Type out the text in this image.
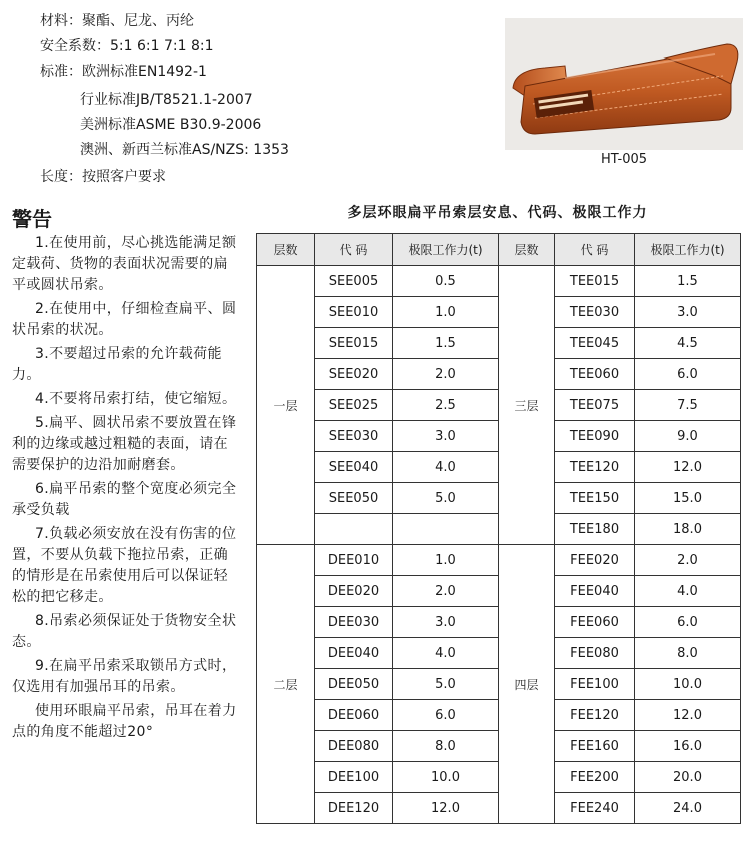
材料：聚酯、尼龙、丙纶
安全系数：5:1 6:1 7:1 8:1
标准：欧洲标准EN1492-1
行业标准JB/T8521.1-2007
美洲标准ASME B30.9-2006
澳洲、新西兰标准AS/NZS: 1353
长度：按照客户要求
HT-005
警告

1.在使用前，尽心挑选能满足额定载荷、货物的表面状况需要的扁平或圆状吊索。

2.在使用中，仔细检查扁平、圆状吊索的状况。

3.不要超过吊索的允许载荷能力。

4.不要将吊索打结，使它缩短。

5.扁平、圆状吊索不要放置在锋利的边缘或越过粗糙的表面，请在需要保护的边沿加耐磨套。

6.扁平吊索的整个宽度必须完全承受负载

7.负载必须安放在没有伤害的位置，不要从负载下拖拉吊索，正确的情形是在吊索使用后可以保证轻松的把它移走。

8.吊索必须保证处于货物安全状态。

9.在扁平吊索采取锁吊方式时，仅选用有加强吊耳的吊索。

使用环眼扁平吊索，吊耳在着力点的角度不能超过20°

多层环眼扁平吊索层安息、代码、极限工作力
层数	代 码	极限工作力(t)	层数	代 码	极限工作力(t)
一层	SEE005	0.5	三层	TEE015	1.5
	SEE010	1.0		TEE030	3.0
	SEE015	1.5		TEE045	4.5
	SEE020	2.0		TEE060	6.0
	SEE025	2.5		TEE075	7.5
	SEE030	3.0		TEE090	9.0
	SEE040	4.0		TEE120	12.0
	SEE050	5.0		TEE150	15.0
				TEE180	18.0
二层	DEE010	1.0	四层	FEE020	2.0
	DEE020	2.0		FEE040	4.0
	DEE030	3.0		FEE060	6.0
	DEE040	4.0		FEE080	8.0
	DEE050	5.0		FEE100	10.0
	DEE060	6.0		FEE120	12.0
	DEE080	8.0		FEE160	16.0
	DEE100	10.0		FEE200	20.0
	DEE120	12.0		FEE240	24.0
